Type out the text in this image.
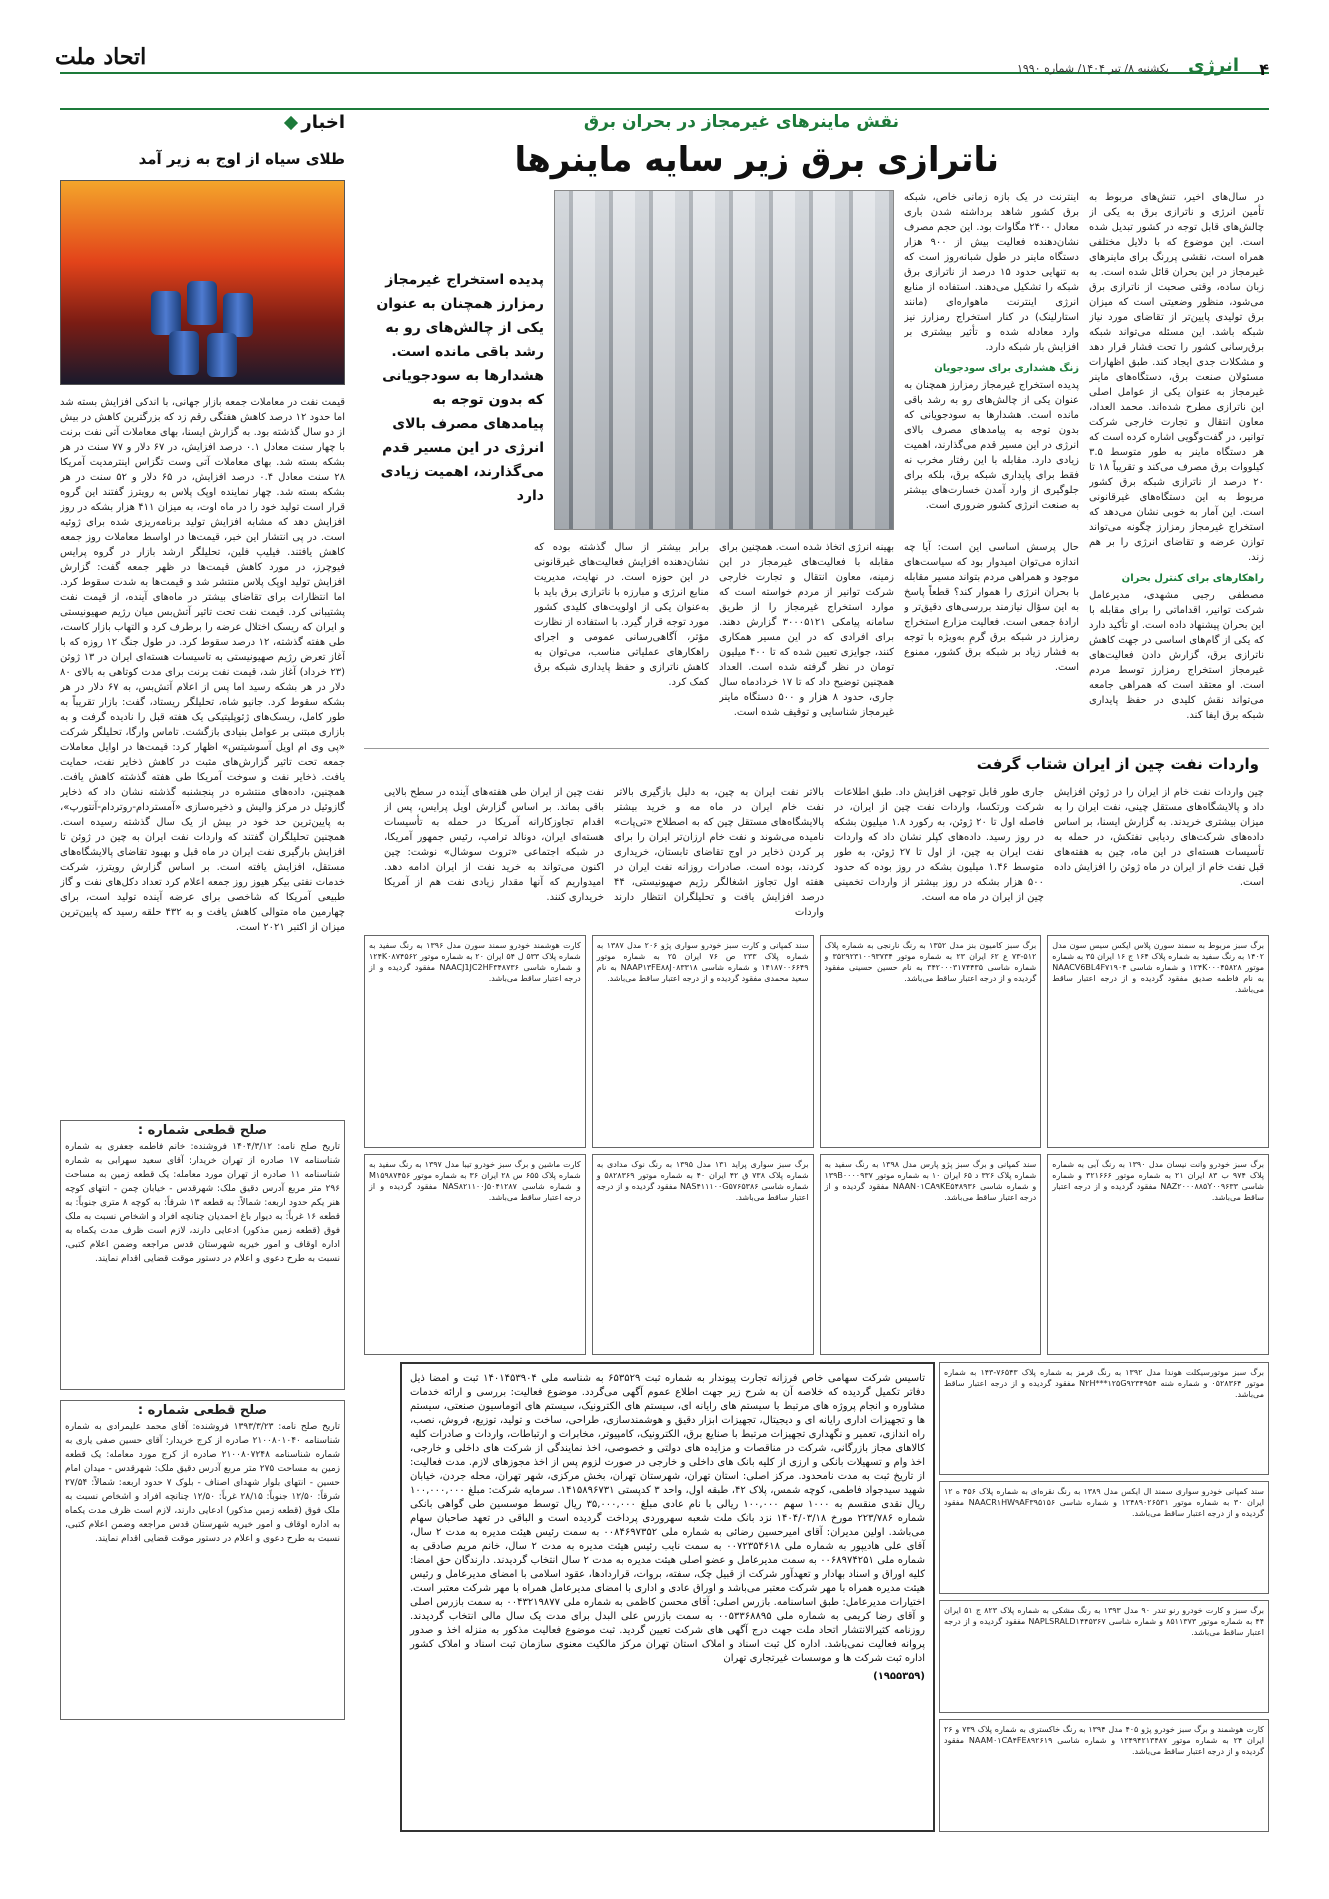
۴
انرژی
یکشنبه ۸/ تیر ۱۴۰۴/ شماره ۱۹۹۰
اتحاد ملت
نقش ماینرهای غیرمجاز در بحران برق
ناترازی برق زیر سایه ماینرها

در سال‌های اخیر، تنش‌های مربوط به تأمین انرژی و ناترازی برق به یکی از چالش‌های قابل توجه در کشور تبدیل شده است. این موضوع که با دلایل مختلفی همراه است، نقشی پررنگ برای ماینرهای غیرمجاز در این بحران قائل شده است. به زبان ساده، وقتی صحبت از ناترازی برق می‌شود، منظور وضعیتی است که میزان برق تولیدی پایین‌تر از تقاضای مورد نیاز شبکه باشد. این مسئله می‌تواند شبکه برق‌رسانی کشور را تحت فشار قرار دهد و مشکلات جدی ایجاد کند. طبق اظهارات مسئولان صنعت برق، دستگاه‌های ماینر غیرمجاز به عنوان یکی از عوامل اصلی این ناترازی مطرح شده‌اند. محمد العداد، معاون انتقال و تجارت خارجی شرکت توانیر، در گفت‌وگویی اشاره کرده است که هر دستگاه ماینر به طور متوسط ۳.۵ کیلووات برق مصرف می‌کند و تقریباً ۱۸ تا ۲۰ درصد از ناترازی شبکه برق کشور مربوط به این دستگاه‌های غیرقانونی است. این آمار به خوبی نشان می‌دهد که استخراج غیرمجاز رمزارز چگونه می‌تواند توازن عرضه و تقاضای انرژی را بر هم زند.

راهکارهای برای کنترل بحران

مصطفی رجبی مشهدی، مدیرعامل شرکت توانیر، اقداماتی را برای مقابله با این بحران پیشنهاد داده است. او تأکید دارد که یکی از گام‌های اساسی در جهت کاهش ناترازی برق، گزارش دادن فعالیت‌های غیرمجاز استخراج رمزارز توسط مردم است. او معتقد است که همراهی جامعه می‌تواند نقش کلیدی در حفظ پایداری شبکه برق ایفا کند.

اینترنت در یک بازه زمانی خاص، شبکه برق کشور شاهد برداشته شدن باری معادل ۲۴۰۰ مگاوات بود. این حجم مصرف نشان‌دهنده فعالیت بیش از ۹۰۰ هزار دستگاه ماینر در طول شبانه‌روز است که به تنهایی حدود ۱۵ درصد از ناترازی برق شبکه را تشکیل می‌دهند. استفاده از منابع انرژی اینترنت ماهواره‌ای (مانند استارلینک) در کنار استخراج رمزارز نیز وارد معادله شده و تأثیر بیشتری بر افزایش بار شبکه دارد.

زنگ هشداری برای سودجویان

پدیده استخراج غیرمجاز رمزارز همچنان به عنوان یکی از چالش‌های رو به رشد باقی مانده است. هشدارها به سودجویانی که بدون توجه به پیامدهای مصرف بالای انرژی در این مسیر قدم می‌گذارند، اهمیت زیادی دارد. مقابله با این رفتار مخرب نه فقط برای پایداری شبکه برق، بلکه برای جلوگیری از وارد آمدن خسارت‌های بیشتر به صنعت انرژی کشور ضروری است.

پدیده استخراج غیرمجاز رمزارز همچنان به عنوان یکی از چالش‌های رو به رشد باقی مانده است. هشدارها به سودجویانی که بدون توجه به پیامدهای مصرف بالای انرژی در این مسیر قدم می‌گذارند، اهمیت زیادی دارد
حال پرسش اساسی این است: آیا چه اندازه می‌توان امیدوار بود که سیاست‌های موجود و همراهی مردم بتواند مسیر مقابله با بحران انرژی را هموار کند؟ قطعاً پاسخ به این سؤال نیازمند بررسی‌های دقیق‌تر و ارادهٔ جمعی است. فعالیت مزارع استخراج رمزارز در شبکه برق گرمِ به‌ویژه با توجه به فشار زیاد بر شبکه برق کشور، ممنوع است.
بهینه انرژی اتخاذ شده است. همچنین برای مقابله با فعالیت‌های غیرمجاز در این زمینه، معاون انتقال و تجارت خارجی شرکت توانیر از مردم خواسته است که موارد استخراج غیرمجاز را از طریق سامانه پیامکی ۳۰۰۰۵۱۲۱ گزارش دهند. برای افرادی که در این مسیر همکاری کنند، جوایزی تعیین شده که تا ۴۰۰ میلیون تومان در نظر گرفته شده است. العداد همچنین توضیح داد که تا ۱۷ خردادماه سال جاری، حدود ۸ هزار و ۵۰۰ دستگاه ماینر غیرمجاز شناسایی و توقیف شده است.
برابر بیشتر از سال گذشته بوده که نشان‌دهنده افزایش فعالیت‌های غیرقانونی در این حوزه است. در نهایت، مدیریت منابع انرژی و مبارزه با ناترازی برق باید با به‌عنوان یکی از اولویت‌های کلیدی کشور مورد توجه قرار گیرد. با استفاده از نظارت مؤثر، آگاهی‌رسانی عمومی و اجرای راهکارهای عملیاتی مناسب، می‌توان به کاهش ناترازی و حفظ پایداری شبکه برق کمک کرد.
واردات نفت چین از ایران شتاب گرفت
چین واردات نفت خام از ایران را در ژوئن افزایش داد و پالایشگاه‌های مستقل چینی، نفت ایران را به میزان بیشتری خریدند. به گزارش ایسنا، بر اساس داده‌های شرکت‌های ردیابی نفتکش، در حمله به تأسیسات هسته‌ای در این ماه، چین به هفته‌های قبل نفت خام از ایران در ماه ژوئن را افزایش داده است.
جاری طور قابل توجهی افزایش داد. طبق اطلاعات شرکت ورتکسا، واردات نفت چین از ایران، در فاصله اول تا ۲۰ ژوئن، به رکورد ۱.۸ میلیون بشکه در روز رسید. داده‌های کپلر نشان داد که واردات نفت ایران به چین، از اول تا ۲۷ ژوئن، به طور متوسط ۱.۴۶ میلیون بشکه در روز بوده که حدود ۵۰۰ هزار بشکه در روز بیشتر از واردات تخمینی چین از ایران در ماه مه است.
بالاتر نفت ایران به چین، به دلیل بازگیری بالاتر نفت خام ایران در ماه مه و خرید بیشتر پالایشگاه‌های مستقل چین که به اصطلاح «تی‌پات» نامیده می‌شوند و نفت خام ارزان‌تر ایران را برای پر کردن ذخایر در اوج تقاضای تابستان، خریداری کردند، بوده است. صادرات روزانه نفت ایران در هفته اول تجاوز اشغالگر رژیم صهیونیستی، ۴۴ درصد افزایش یافت و تحلیلگران انتظار دارند واردات
نفت چین از ایران طی هفته‌های آینده در سطح بالایی باقی بماند. بر اساس گزارش اویل پرایس، پس از اقدام تجاوزکارانه آمریکا در حمله به تأسیسات هسته‌ای ایران، دونالد ترامپ، رئیس جمهور آمریکا، در شبکه اجتماعی «تروث سوشال» نوشت: چین اکنون می‌تواند به خرید نفت از ایران ادامه دهد. امیدواریم که آنها مقدار زیادی نفت هم از آمریکا خریداری کنند.
اخبار
طلای سیاه از اوج به زیر آمد
قیمت نفت در معاملات جمعه بازار جهانی، با اندکی افزایش بسته شد اما حدود ۱۲ درصد کاهش هفتگی رقم زد که بزرگترین کاهش در بیش از دو سال گذشته بود. به گزارش ایسنا، بهای معاملات آتی نفت برنت با چهار سنت معادل ۰.۱ درصد افزایش، در ۶۷ دلار و ۷۷ سنت در هر بشکه بسته شد. بهای معاملات آتی وست تگزاس اینترمدیت آمریکا ۲۸ سنت معادل ۰.۴ درصد افزایش، در ۶۵ دلار و ۵۲ سنت در هر بشکه بسته شد. چهار نماینده اوپک پلاس به رویترز گفتند این گروه قرار است تولید خود را در ماه اوت، به میزان ۴۱۱ هزار بشکه در روز افزایش دهد که مشابه افزایش تولید برنامه‌ریزی شده برای ژوئیه است. در پی انتشار این خبر، قیمت‌ها در اواسط معاملات روز جمعه کاهش یافتند. فیلیپ فلین، تحلیلگر ارشد بازار در گروه پرایس فیوچرز، در مورد کاهش قیمت‌ها در ظهر جمعه گفت: گزارش افزایش تولید اوپک پلاس منتشر شد و قیمت‌ها به شدت سقوط کرد. اما انتظارات برای تقاضای بیشتر در ماه‌های آینده، از قیمت نفت پشتیبانی کرد. قیمت نفت تحت تاثیر آتش‌بس میان رژیم صهیونیستی و ایران که ریسک اختلال عرضه را برطرف کرد و التهاب بازار کاست، طی هفته گذشته، ۱۲ درصد سقوط کرد. در طول جنگ ۱۲ روزه که با آغاز تعرض رژیم صهیونیستی به تاسیسات هسته‌ای ایران در ۱۳ ژوئن (۲۳ خرداد) آغاز شد، قیمت نفت برنت برای مدت کوتاهی به بالای ۸۰ دلار در هر بشکه رسید اما پس از اعلام آتش‌بس، به ۶۷ دلار در هر بشکه سقوط کرد. جانیو شاه، تحلیلگر ریستاد، گفت: بازار تقریباً به طور کامل، ریسک‌های ژئوپلیتیکی یک هفته قبل را نادیده گرفت و به بازاری مبتنی بر عوامل بنیادی بازگشت. تاماس وارگا، تحلیلگر شرکت «پی وی ام اویل آسوشیتس» اظهار کرد: قیمت‌ها در اوایل معاملات جمعه تحت تاثیر گزارش‌های مثبت در کاهش ذخایر نفت، حمایت یافت. ذخایر نفت و سوخت آمریکا طی هفته گذشته کاهش یافت. همچنین، داده‌های منتشره در پنجشنبه گذشته نشان داد که ذخایر گازوئیل در مرکز والیش و ذخیره‌سازی «آمستردام-روتردام-آنتورپ»، به پایین‌ترین حد خود در بیش از یک سال گذشته رسیده است. همچنین تحلیلگران گفتند که واردات نفت ایران به چین در ژوئن تا افزایش بارگیری نفت ایران در ماه قبل و بهبود تقاضای پالایشگاه‌های مستقل، افزایش یافته است. بر اساس گزارش رویترز، شرکت خدمات نفتی بیکر هیوز روز جمعه اعلام کرد تعداد دکل‌های نفت و گاز طبیعی آمریکا که شاخصی برای عرضه آینده تولید است، برای چهارمین ماه متوالی کاهش یافت و به ۴۳۲ حلقه رسید که پایین‌ترین میزان از اکتبر ۲۰۲۱ است.
برگ سبز مربوط به سمند سورن پلاس ایکس سیس سون مدل ۱۴۰۲ به رنگ سفید به شماره پلاک ۱۶۴ ج ۱۶ ایران ۳۵ به شماره موتور ۱۲۴K۰۰۰۴۵۸۲۸ و شماره شاسی NAACV6BL4F۷۱۹۰۴ به نام فاطمه صدیق مفقود گردیده و از درجه اعتبار ساقط می‌باشد.
برگ سبز کامیون بنز مدل ۱۳۵۲ به رنگ نارنجی به شماره پلاک ۵۱۲-۷۳ ع ۶۲ ایران ۲۳ به شماره موتور ۳۵۲۹۲۳۱۰۰۹۳۷۳۴ و شماره شاسی ۳۴۲۰۰۰۳۱۷۴۴۳۵ به نام حسین حسینی مفقود گردیده و از درجه اعتبار ساقط می‌باشد.
سند کمپانی و کارت سبز خودرو سواری پژو ۲۰۶ مدل ۱۳۸۷ به شماره پلاک ۲۳۳ ص ۷۶ ایران ۲۵ به شماره موتور ۱۴۱۸۷۰۰۶۶۴۹ و شماره شاسی NAAP۱۳FE۸۸J۰۸۳۳۱۸ به نام سعید محمدی مفقود گردیده و از درجه اعتبار ساقط می‌باشد.
کارت هوشمند خودرو سمند سورن مدل ۱۳۹۶ به رنگ سفید به شماره پلاک ۵۳۳ ل ۵۴ ایران ۲۰ به شماره موتور ۱۲۴K۰۸۷۴۵۶۲ و شماره شاسی NAACJ1JC2HF۳۴۸۷۳۶ مفقود گردیده و از درجه اعتبار ساقط می‌باشد.
برگ سبز خودرو وانت نیسان مدل ۱۳۹۰ به رنگ آبی به شماره پلاک ۹۷۴ ب ۸۳ ایران ۲۱ به شماره موتور ۳۲۱۶۶۶ و شماره شاسی NAZ۲۰۰۰۸۸۵Y۰۰۹۶۳۳ مفقود گردیده و از درجه اعتبار ساقط می‌باشد.
سند کمپانی و برگ سبز پژو پارس مدل ۱۳۹۸ به رنگ سفید به شماره پلاک ۳۲۶ د ۶۵ ایران ۱۰ به شماره موتور ۱۳۹B۰۰۰۰۹۳۷ و شماره شاسی NAAN۰۱CA۹KE۵۴۸۹۳۶ مفقود گردیده و از درجه اعتبار ساقط می‌باشد.
برگ سبز سواری پراید ۱۳۱ مدل ۱۳۹۵ به رنگ نوک مدادی به شماره پلاک ۷۳۸ ق ۴۲ ایران ۴۰ به شماره موتور ۵۸۲۸۳۶۹ و شماره شاسی NAS۴۱۱۱۰۰G۵۷۶۵۳۸۶ مفقود گردیده و از درجه اعتبار ساقط می‌باشد.
کارت ماشین و برگ سبز خودرو تیبا مدل ۱۳۹۷ به رنگ سفید به شماره پلاک ۶۵۵ س ۲۸ ایران ۳۶ به شماره موتور M۱۵۹۸۷۴۵۶ و شماره شاسی NAS۸۲۱۱۰۰J۵۰۴۱۲۸۷ مفقود گردیده و از درجه اعتبار ساقط می‌باشد.
برگ سبز موتورسیکلت هوندا مدل ۱۳۹۲ به رنگ قرمز به شماره پلاک ۷۶۵۴۳-۱۴۳ به شماره موتور ۰۵۲۸۳۶۴ و شماره شنه N۲H***۱۲۵G۹۲۳۴۹۵۴ مفقود گردیده و از درجه اعتبار ساقط می‌باشد.
سند کمپانی خودرو سواری سمند ال ایکس مدل ۱۳۸۹ به رنگ نقره‌ای به شماره پلاک ۴۵۶ ه ۱۲ ایران ۳۰ به شماره موتور ۱۲۴۸۹۰۲۶۵۳۱ و شماره شاسی NAACR۱HW۹AF۳۹۵۱۵۶ مفقود گردیده و از درجه اعتبار ساقط می‌باشد.
برگ سبز و کارت خودرو رنو تندر ۹۰ مدل ۱۳۹۳ به رنگ مشکی به شماره پلاک ۸۲۳ ج ۵۱ ایران ۴۴ به شماره موتور ۸۵۱۱۳۷۳ و شماره شاسی NAPLSRALD۱۴۴۵۳۶۷ مفقود گردیده و از درجه اعتبار ساقط می‌باشد.
کارت هوشمند و برگ سبز خودرو پژو ۴۰۵ مدل ۱۳۹۴ به رنگ خاکستری به شماره پلاک ۷۳۹ و ۲۶ ایران ۲۴ به شماره موتور ۱۲۴۹۴۲۱۳۴۸۷ و شماره شاسی NAAM۰۱CA۴FE۸۹۲۶۱۹ مفقود گردیده و از درجه اعتبار ساقط می‌باشد.

تاسیس شرکت سهامی خاص فرزانه تجارت پیوندار به شماره ثبت ۶۵۳۵۲۹ به شناسه ملی ۱۴۰۱۴۵۳۹۰۴ ثبت و امضا ذیل دفاتر تکمیل گردیده که خلاصه آن به شرح زیر جهت اطلاع عموم آگهی می‌گردد. موضوع فعالیت: بررسی و ارائه خدمات مشاوره و انجام پروژه های مرتبط با سیستم های رایانه ای، سیستم های الکترونیک، سیستم های اتوماسیون صنعتی، سیستم ها و تجهیزات اداری رایانه ای و دیجیتال، تجهیزات ابزار دقیق و هوشمندسازی، طراحی، ساخت و تولید، توزیع، فروش، نصب، راه اندازی، تعمیر و نگهداری تجهیزات مرتبط با صنایع برق، الکترونیک، کامپیوتر، مخابرات و ارتباطات، واردات و صادرات کلیه کالاهای مجاز بازرگانی، شرکت در مناقصات و مزایده های دولتی و خصوصی، اخذ نمایندگی از شرکت های داخلی و خارجی، اخذ وام و تسهیلات بانکی و ارزی از کلیه بانک های داخلی و خارجی در صورت لزوم پس از اخذ مجوزهای لازم. مدت فعالیت: از تاریخ ثبت به مدت نامحدود. مرکز اصلی: استان تهران، شهرستان تهران، بخش مرکزی، شهر تهران، محله جردن، خیابان شهید سیدجواد فاطمی، کوچه شمس، پلاک ۴۲، طبقه اول، واحد ۳ کدپستی ۱۴۱۵۸۹۶۷۳۱. سرمایه شرکت: مبلغ ۱۰۰,۰۰۰,۰۰۰ ریال نقدی منقسم به ۱۰۰۰ سهم ۱۰۰,۰۰۰ ریالی با نام عادی مبلغ ۳۵,۰۰۰,۰۰۰ ریال توسط موسسین طی گواهی بانکی شماره ۲۲۳/۷۸۶ مورخ ۱۴۰۴/۰۳/۱۸ نزد بانک ملت شعبه سهروردی پرداخت گردیده است و الباقی در تعهد صاحبان سهام می‌باشد. اولین مدیران: آقای امیرحسین رضائی به شماره ملی ۰۰۸۴۶۹۷۳۵۲ به سمت رئیس هیئت مدیره به مدت ۲ سال، آقای علی هادیپور به شماره ملی ۰۰۷۲۳۵۴۶۱۸ به سمت نایب رئیس هیئت مدیره به مدت ۲ سال، خانم مریم صادقی به شماره ملی ۰۰۶۸۹۷۴۲۵۱ به سمت مدیرعامل و عضو اصلی هیئت مدیره به مدت ۲ سال انتخاب گردیدند. دارندگان حق امضا: کلیه اوراق و اسناد بهادار و تعهدآور شرکت از قبیل چک، سفته، بروات، قراردادها، عقود اسلامی با امضای مدیرعامل و رئیس هیئت مدیره همراه با مهر شرکت معتبر می‌باشد و اوراق عادی و اداری با امضای مدیرعامل همراه با مهر شرکت معتبر است. اختیارات مدیرعامل: طبق اساسنامه. بازرس اصلی: آقای محسن کاظمی به شماره ملی ۰۰۴۳۲۱۹۸۷۷ به سمت بازرس اصلی و آقای رضا کریمی به شماره ملی ۰۰۵۳۳۶۸۸۹۵ به سمت بازرس علی البدل برای مدت یک سال مالی انتخاب گردیدند. روزنامه کثیرالانتشار اتحاد ملت جهت درج آگهی های شرکت تعیین گردید. ثبت موضوع فعالیت مذکور به منزله اخذ و صدور پروانه فعالیت نمی‌باشد. اداره کل ثبت اسناد و املاک استان تهران مرکز مالکیت معنوی سازمان ثبت اسناد و املاک کشور اداره ثبت شرکت ها و موسسات غیرتجاری تهران

(۱۹۵۵۳۵۹)

صلح قطعی شماره :
تاریخ صلح نامه: ۱۴۰۴/۳/۱۲ فروشنده: خانم فاطمه جعفری به شماره شناسنامه ۱۷ صادره از تهران خریدار: آقای سعید سهرابی به شماره شناسنامه ۱۱ صادره از تهران مورد معامله: یک قطعه زمین به مساحت ۲۹۶ متر مربع آدرس دقیق ملک: شهرقدس - خیابان چمن - انتهای کوچه هنر یکم حدود اربعه: شمالاً: به قطعه ۱۳ شرقاً: به کوچه ۸ متری جنوباً: به قطعه ۱۶ غرباً: به دیوار باغ احمدیان چنانچه افراد و اشخاص نسبت به ملک فوق (قطعه زمین مذکور) ادعایی دارند، لازم است ظرف مدت یکماه به اداره اوقاف و امور خیریه شهرستان قدس مراجعه وضمن اعلام کتبی، نسبت به طرح دعوی و اعلام در دستور موقت قضایی اقدام نمایند.
صلح قطعی شماره :
تاریخ صلح نامه: ۱۳۹۳/۳/۲۳ فروشنده: آقای محمد علیمرادی به شماره شناسنامه ۲۱۰۰۸۰۱۰۴۰ صادره از کرج خریدار: آقای حسین صفی یاری به شماره شناسنامه ۲۱۰۰۸۰۷۲۴۸ صادره از کرج مورد معامله: یک قطعه زمین به مساحت ۲۷۵ متر مربع آدرس دقیق ملک: شهرقدس - میدان امام حسین - انتهای بلوار شهدای اصناف - بلوک ۷ حدود اربعه: شمالاً: ۲۷/۵۴ شرقاً: ۱۲/۵۰ جنوباً: ۲۸/۱۵ غرباً: ۱۲/۵۰ چنانچه افراد و اشخاص نسبت به ملک فوق (قطعه زمین مذکور) ادعایی دارند، لازم است ظرف مدت یکماه به اداره اوقاف و امور خیریه شهرستان قدس مراجعه وضمن اعلام کتبی، نسبت به طرح دعوی و اعلام در دستور موقت قضایی اقدام نمایند.
